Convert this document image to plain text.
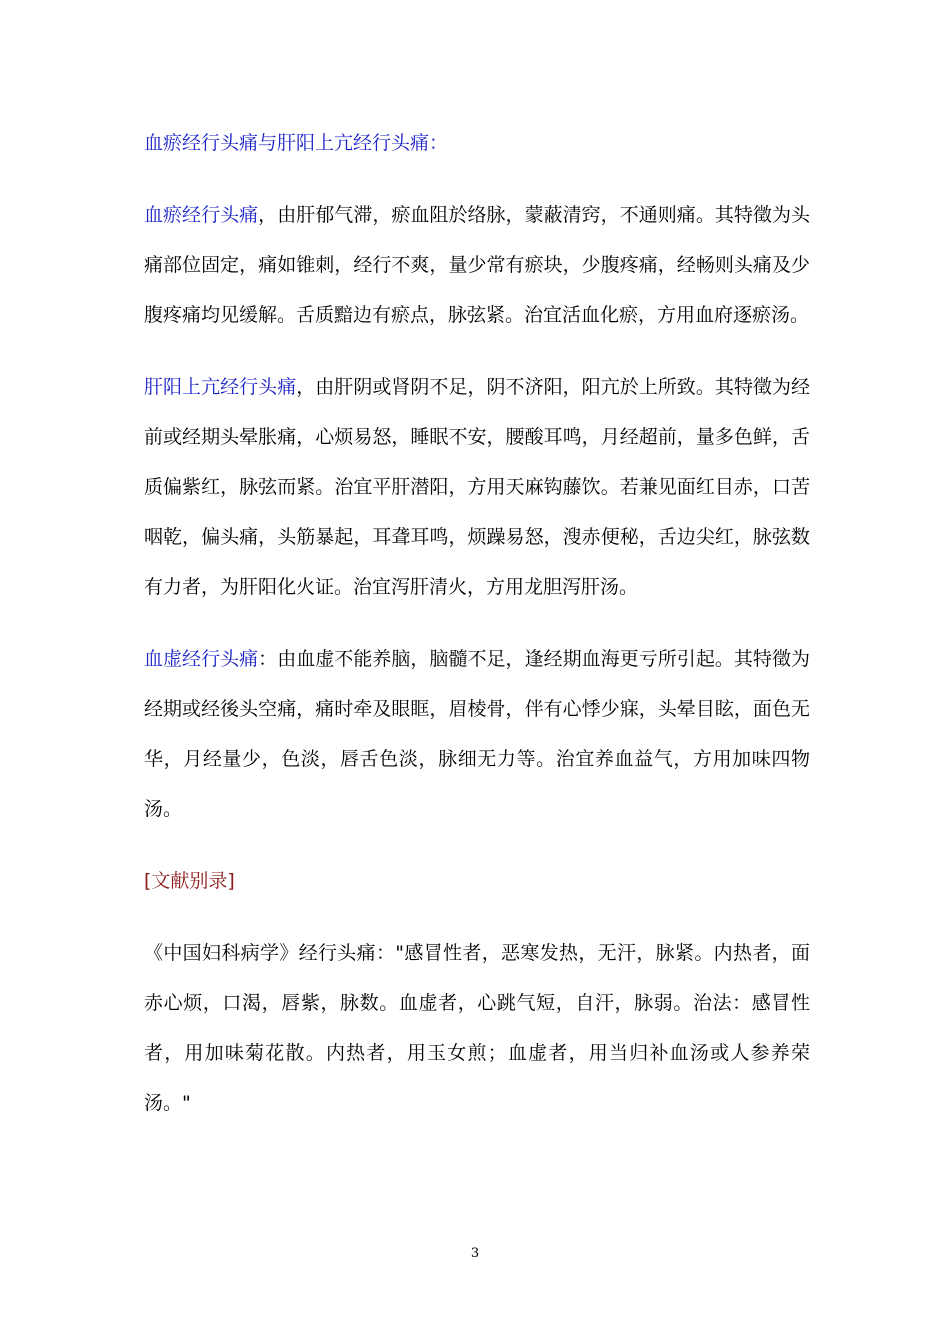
血瘀经行头痛与肝阳上亢经行头痛：

血瘀经行头痛，由肝郁气滞，瘀血阻於络脉，蒙蔽清窍，不通则痛。其特徵为头痛部位固定，痛如锥刺，经行不爽，量少常有瘀块，少腹疼痛，经畅则头痛及少腹疼痛均见缓解。舌质黯边有瘀点，脉弦紧。治宜活血化瘀，方用血府逐瘀汤。

肝阳上亢经行头痛，由肝阴或肾阴不足，阴不济阳，阳亢於上所致。其特徵为经前或经期头晕胀痛，心烦易怒，睡眠不安，腰酸耳鸣，月经超前，量多色鲜，舌质偏紫红，脉弦而紧。治宜平肝潜阳，方用天麻钩藤饮。若兼见面红目赤，口苦咽乾，偏头痛，头筋暴起，耳聋耳鸣，烦躁易怒，溲赤便秘，舌边尖红，脉弦数有力者，为肝阳化火证。治宜泻肝清火，方用龙胆泻肝汤。

血虚经行头痛：由血虚不能养脑，脑髓不足，逢经期血海更亏所引起。其特徵为经期或经後头空痛，痛时牵及眼眶，眉棱骨，伴有心悸少寐，头晕目眩，面色无华，月经量少，色淡，唇舌色淡，脉细无力等。治宜养血益气，方用加味四物汤。

[文献别录]

《中国妇科病学》经行头痛："感冒性者，恶寒发热，无汗，脉紧。内热者，面赤心烦，口渴，唇紫，脉数。血虚者，心跳气短，自汗，脉弱。治法：感冒性者，用加味菊花散。内热者，用玉女煎；血虚者，用当归补血汤或人参养荣汤。"

3
